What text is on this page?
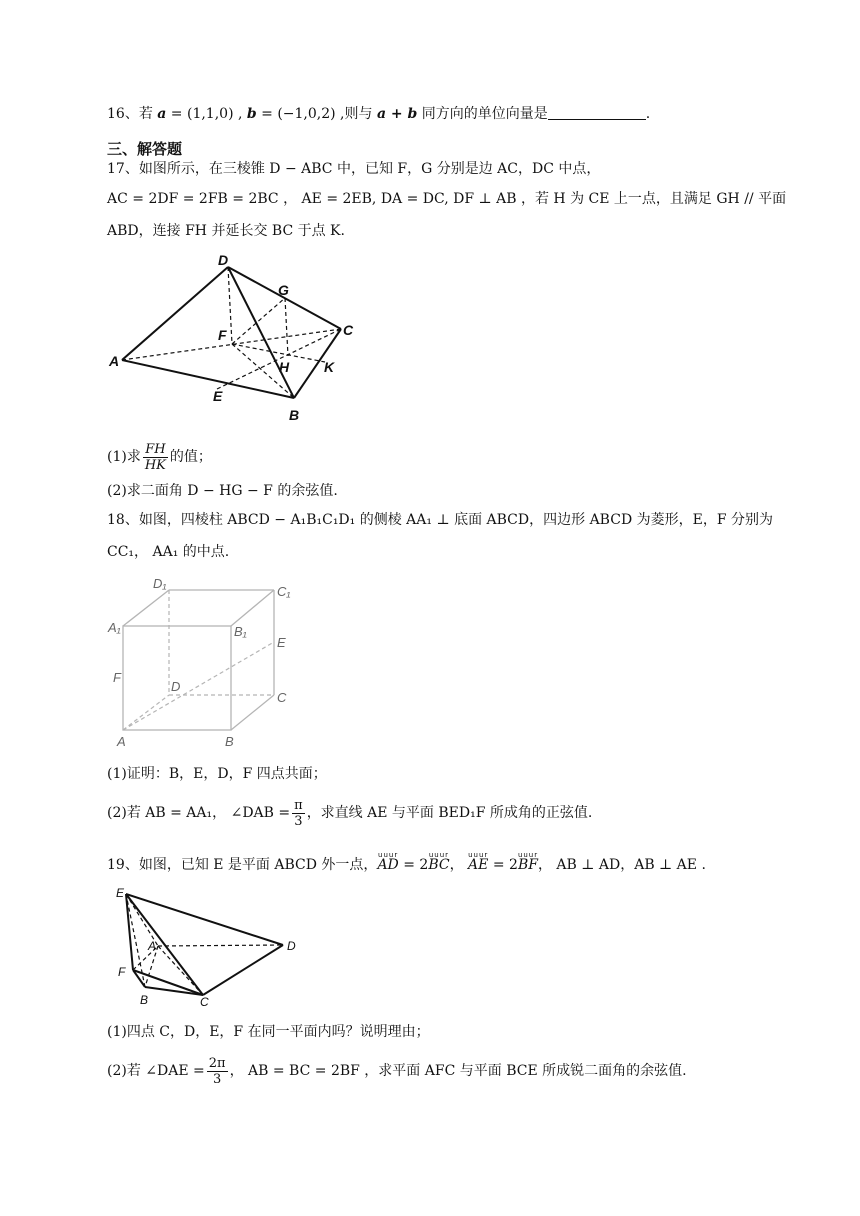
16、若 a = (1,1,0) , b = (−1,0,2) ,则与 a + b 同方向的单位向量是	.
三、解答题
17、如图所示，在三棱锥 D − ABC 中，已知 F，G 分别是边 AC，DC 中点，
AC = 2DF = 2FB = 2BC ， AE = 2EB, DA = DC, DF ⊥ AB ，若 H 为 CE 上一点，且满足 GH // 平面
ABD，连接 FH 并延长交 BC 于点 K.
D
G
C
F
A	H K
E
B
(1)求 $\frac{FH}{HK}$ 的值；
(2)求二面角 D − HG − F 的余弦值.
18、如图，四棱柱 ABCD − A₁B₁C₁D₁ 的侧棱 AA₁ ⊥ 底面 ABCD，四边形 ABCD 为菱形，E，F 分别为
CC₁， AA₁ 的中点.
D₁
C₁
A₁	B₁
E
F
D
C
A	B
(1)证明：B，E，D，F 四点共面；
(2)若 AB = AA₁， ∠DAB = $\frac{\pi}{3}$ ，求直线 AE 与平面 BED₁F 所成角的正弦值.
19、如图，已知 E 是平面 ABCD 外一点，
uuur
AD = 2
uuur
BC，
uuur
AE = 2
uuur
BF， AB ⊥ AD，AB ⊥ AE .
E
A	D
F
B	C
(1)四点 C，D，E，F 在同一平面内吗？说明理由；
(2)若 ∠DAE = $\frac{2\pi}{3}$ ， AB = BC = 2BF ，求平面 AFC 与平面 BCE 所成锐二面角的余弦值.
